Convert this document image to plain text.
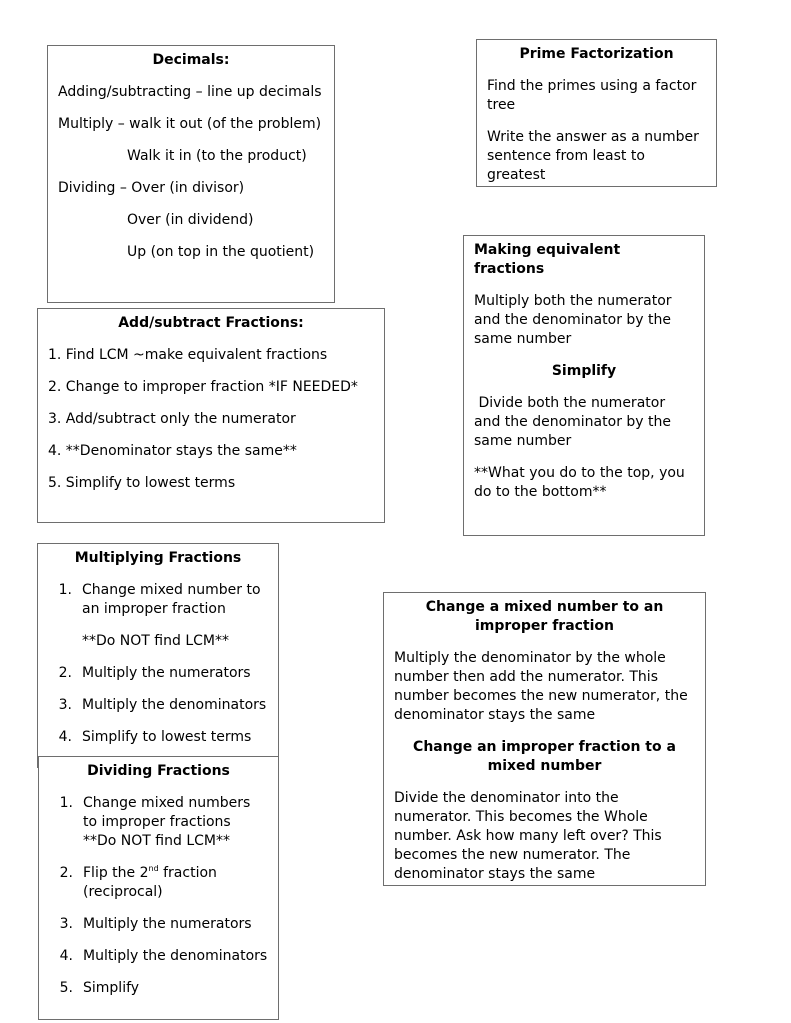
Decimals:
Adding/subtracting – line up decimals
Multiply – walk it out (of the problem)
Walk it in (to the product)
Dividing – Over (in divisor)
Over (in dividend)
Up (on top in the quotient)
Prime Factorization
Find the primes using a factor tree
Write the answer as a number sentence from least to greatest
Making equivalent fractions
Multiply both the numerator and the denominator by the same number
Simplify
Divide both the numerator and the denominator by the same number
**What you do to the top, you do to the bottom**
Add/subtract Fractions:
1. Find LCM ~make equivalent fractions
2. Change to improper fraction *IF NEEDED*
3. Add/subtract only the numerator
4. **Denominator stays the same**
5. Simplify to lowest terms
Multiplying Fractions
1. Change mixed number to an improper fraction
**Do NOT find LCM**
2. Multiply the numerators
3. Multiply the denominators
4. Simplify to lowest terms
Dividing Fractions
1. Change mixed numbers to improper fractions **Do NOT find LCM**
2. Flip the 2nd fraction (reciprocal)
3. Multiply the numerators
4. Multiply the denominators
5. Simplify
Change a mixed number to an improper fraction
Multiply the denominator by the whole number then add the numerator. This number becomes the new numerator, the denominator stays the same
Change an improper fraction to a mixed number
Divide the denominator into the numerator. This becomes the Whole number. Ask how many left over? This becomes the new numerator. The denominator stays the same
